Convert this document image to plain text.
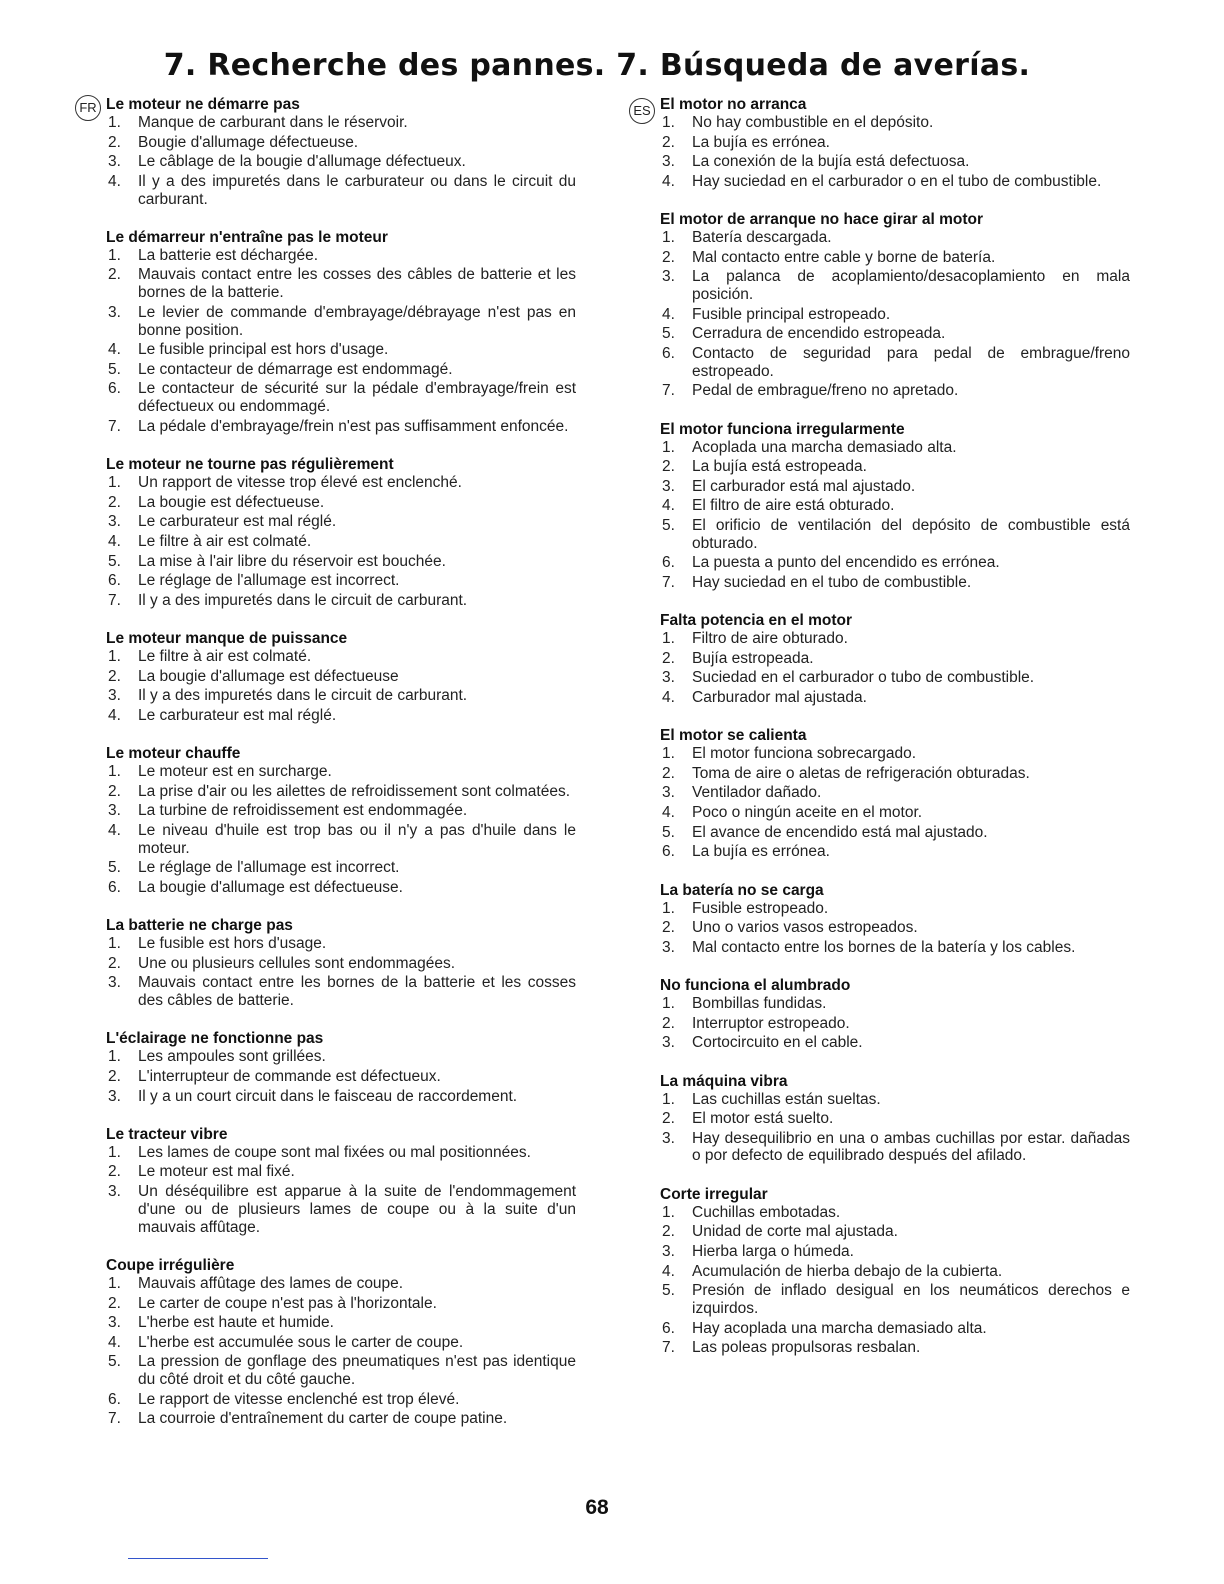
7. Recherche des pannes. 7. Búsqueda de averías.
FR Le moteur ne démarre pas
1. Manque de carburant dans le réservoir.
2. Bougie d'allumage défectueuse.
3. Le câblage de la bougie d'allumage défectueux.
4. Il y a des impuretés dans le carburateur ou dans le circuit du carburant.
Le démarreur n'entraîne pas le moteur
1. La batterie est déchargée.
2. Mauvais contact entre les cosses des câbles de batterie et les bornes de la batterie.
3. Le levier de commande d'embrayage/débrayage n'est pas en bonne position.
4. Le fusible principal est hors d'usage.
5. Le contacteur de démarrage est endommagé.
6. Le contacteur de sécurité sur la pédale d'embrayage/frein est défectueux ou endommagé.
7. La pédale d'embrayage/frein n'est pas suffisamment enfoncée.
Le moteur ne tourne pas régulièrement
1. Un rapport de vitesse trop élevé est enclenché.
2. La bougie est défectueuse.
3. Le carburateur est mal réglé.
4. Le filtre à air est colmaté.
5. La mise à l'air libre du réservoir est bouchée.
6. Le réglage de l'allumage est incorrect.
7. Il y a des impuretés dans le circuit de carburant.
Le moteur manque de puissance
1. Le filtre à air est colmaté.
2. La bougie d'allumage est défectueuse
3. Il y a des impuretés dans le circuit de carburant.
4. Le carburateur est mal réglé.
Le moteur chauffe
1. Le moteur est en surcharge.
2. La prise d'air ou les ailettes de refroidissement sont colmatées.
3. La turbine de refroidissement est endommagée.
4. Le niveau d'huile est trop bas ou il n'y a pas d'huile dans le moteur.
5. Le réglage de l'allumage est incorrect.
6. La bougie d'allumage est défectueuse.
La batterie ne charge pas
1. Le fusible est hors d'usage.
2. Une ou plusieurs cellules sont endommagées.
3. Mauvais contact entre les bornes de la batterie et les cosses des câbles de batterie.
L'éclairage ne fonctionne pas
1. Les ampoules sont grillées.
2. L'interrupteur de commande est défectueux.
3. Il y a un court circuit dans le faisceau de raccordement.
Le tracteur vibre
1. Les lames de coupe sont mal fixées ou mal positionnées.
2. Le moteur est mal fixé.
3. Un déséquilibre est apparue à la suite de l'endommagement d'une ou de plusieurs lames de coupe ou à la suite d'un mauvais affûtage.
Coupe irrégulière
1. Mauvais affûtage des lames de coupe.
2. Le carter de coupe n'est pas à l'horizontale.
3. L'herbe est haute et humide.
4. L'herbe est accumulée sous le carter de coupe.
5. La pression de gonflage des pneumatiques n'est pas identique du côté droit et du côté gauche.
6. Le rapport de vitesse enclenché est trop élevé.
7. La courroie d'entraînement du carter de coupe patine.
ES El motor no arranca
1. No hay combustible en el depósito.
2. La bujía es errónea.
3. La conexión de la bujía está defectuosa.
4. Hay suciedad en el carburador o en el tubo de combustible.
El motor de arranque no hace girar al motor
1. Batería descargada.
2. Mal contacto entre cable y borne de batería.
3. La palanca de acoplamiento/desacoplamiento en mala posición.
4. Fusible principal estropeado.
5. Cerradura de encendido estropeada.
6. Contacto de seguridad para pedal de embrague/freno estropeado.
7. Pedal de embrague/freno no apretado.
El motor funciona irregularmente
1. Acoplada una marcha demasiado alta.
2. La bujía está estropeada.
3. El carburador está mal ajustado.
4. El filtro de aire está obturado.
5. El orificio de ventilación del depósito de combustible está obturado.
6. La puesta a punto del encendido es errónea.
7. Hay suciedad en el tubo de combustible.
Falta potencia en el motor
1. Filtro de aire obturado.
2. Bujía estropeada.
3. Suciedad en el carburador o tubo de combustible.
4. Carburador mal ajustada.
El motor se calienta
1. El motor funciona sobrecargado.
2. Toma de aire o aletas de refrigeración obturadas.
3. Ventilador dañado.
4. Poco o ningún aceite en el motor.
5. El avance de encendido está mal ajustado.
6. La bujía es errónea.
La batería no se carga
1. Fusible estropeado.
2. Uno o varios vasos estropeados.
3. Mal contacto entre los bornes de la batería y los cables.
No funciona el alumbrado
1. Bombillas fundidas.
2. Interruptor estropeado.
3. Cortocircuito en el cable.
La máquina vibra
1. Las cuchillas están sueltas.
2. El motor está suelto.
3. Hay desequilibrio en una o ambas cuchillas por estar. dañadas o por defecto de equilibrado después del afilado.
Corte irregular
1. Cuchillas embotadas.
2. Unidad de corte mal ajustada.
3. Hierba larga o húmeda.
4. Acumulación de hierba debajo de la cubierta.
5. Presión de inflado desigual en los neumáticos derechos e izquirdos.
6. Hay acoplada una marcha demasiado alta.
7. Las poleas propulsoras resbalan.
68
